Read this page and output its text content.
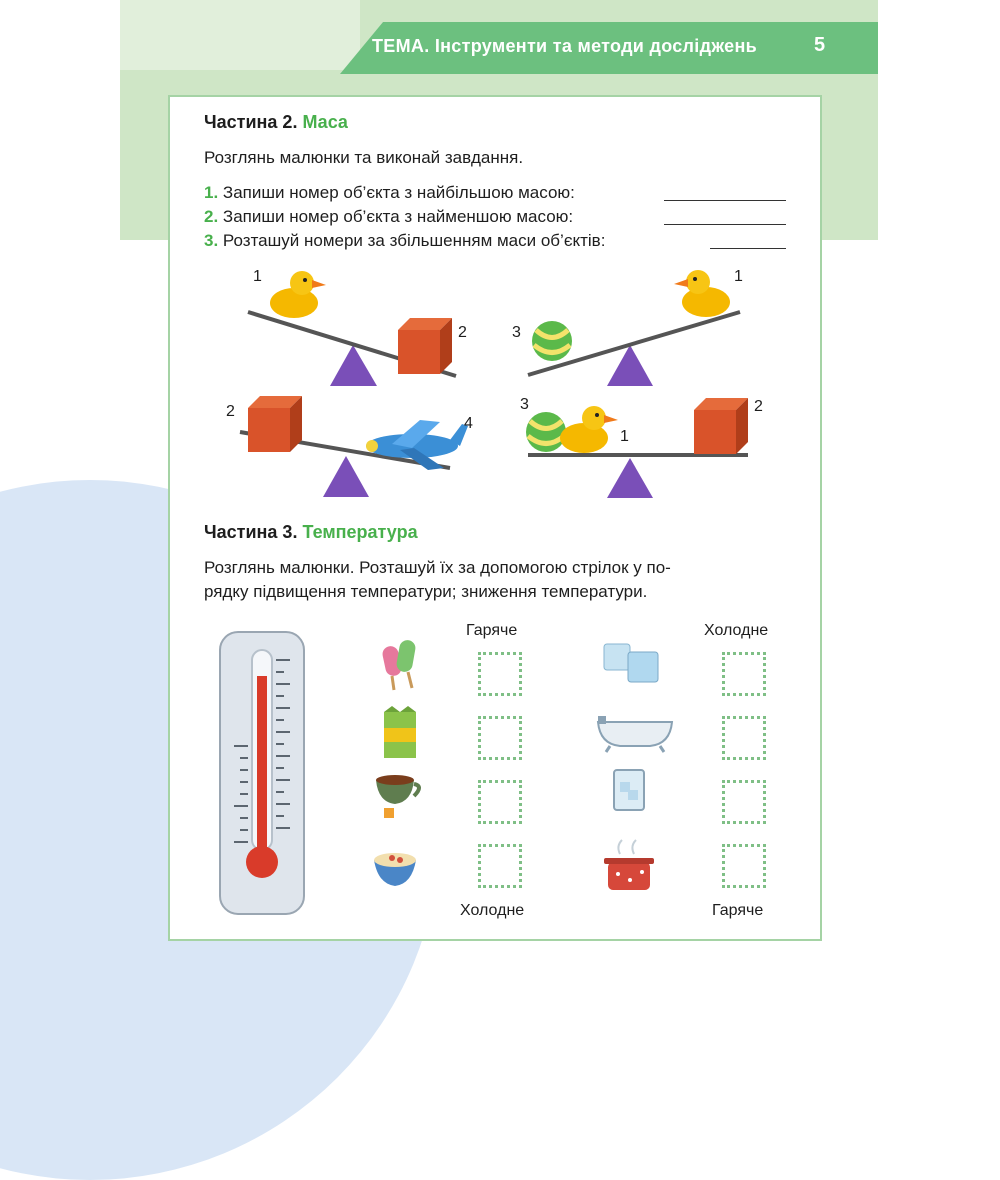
ТЕМА. Інструменти та методи досліджень	5
Частина 2. Маса
Розглянь малюнки та виконай завдання.
1. Запиши номер об’єкта з найбільшою масою:
2. Запиши номер об’єкта з найменшою масою:
3. Розташуй номери за збільшенням маси об’єктів:
1
2	3
1
2
4
3
1
2
Частина 3. Температура
Розглянь малюнки. Розташуй їх за допомогою стрілок у по-
рядку підвищення температури; зниження температури.
Гаряче
Холодне
Холодне
Гаряче
